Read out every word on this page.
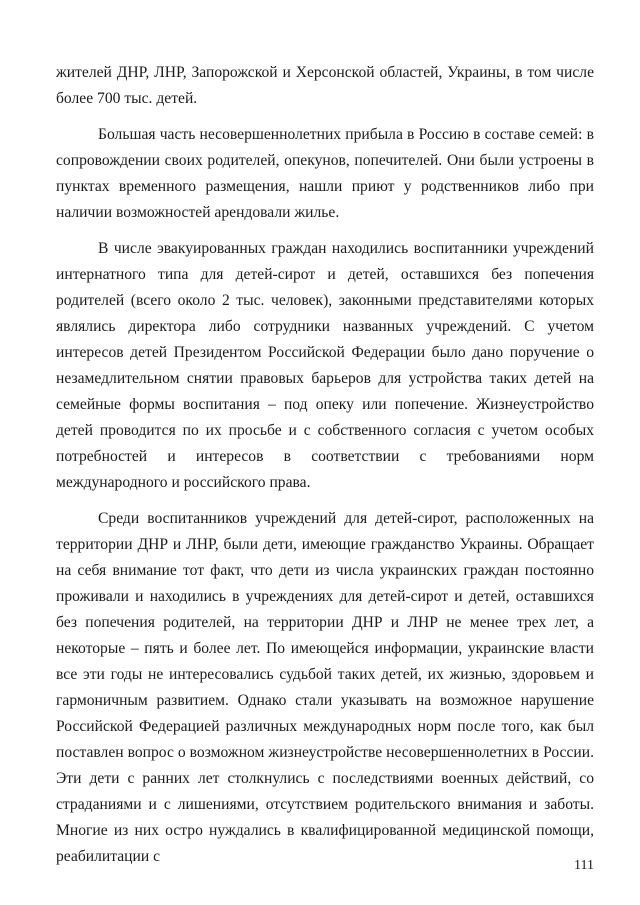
жителей ДНР, ЛНР, Запорожской и Херсонской областей, Украины, в том числе более 700 тыс. детей.

Большая часть несовершеннолетних прибыла в Россию в составе семей: в сопровождении своих родителей, опекунов, попечителей. Они были устроены в пунктах временного размещения, нашли приют у родственников либо при наличии возможностей арендовали жилье.

В числе эвакуированных граждан находились воспитанники учреждений интернатного типа для детей-сирот и детей, оставшихся без попечения родителей (всего около 2 тыс. человек), законными представителями которых являлись директора либо сотрудники названных учреждений. С учетом интересов детей Президентом Российской Федерации было дано поручение о незамедлительном снятии правовых барьеров для устройства таких детей на семейные формы воспитания – под опеку или попечение. Жизнеустройство детей проводится по их просьбе и с собственного согласия с учетом особых потребностей и интересов в соответствии с требованиями норм международного и российского права.

Среди воспитанников учреждений для детей-сирот, расположенных на территории ДНР и ЛНР, были дети, имеющие гражданство Украины. Обращает на себя внимание тот факт, что дети из числа украинских граждан постоянно проживали и находились в учреждениях для детей-сирот и детей, оставшихся без попечения родителей, на территории ДНР и ЛНР не менее трех лет, а некоторые – пять и более лет. По имеющейся информации, украинские власти все эти годы не интересовались судьбой таких детей, их жизнью, здоровьем и гармоничным развитием. Однако стали указывать на возможное нарушение Российской Федерацией различных международных норм после того, как был поставлен вопрос о возможном жизнеустройстве несовершеннолетних в России. Эти дети с ранних лет столкнулись с последствиями военных действий, со страданиями и с лишениями, отсутствием родительского внимания и заботы. Многие из них остро нуждались в квалифицированной медицинской помощи, реабилитации с

111
